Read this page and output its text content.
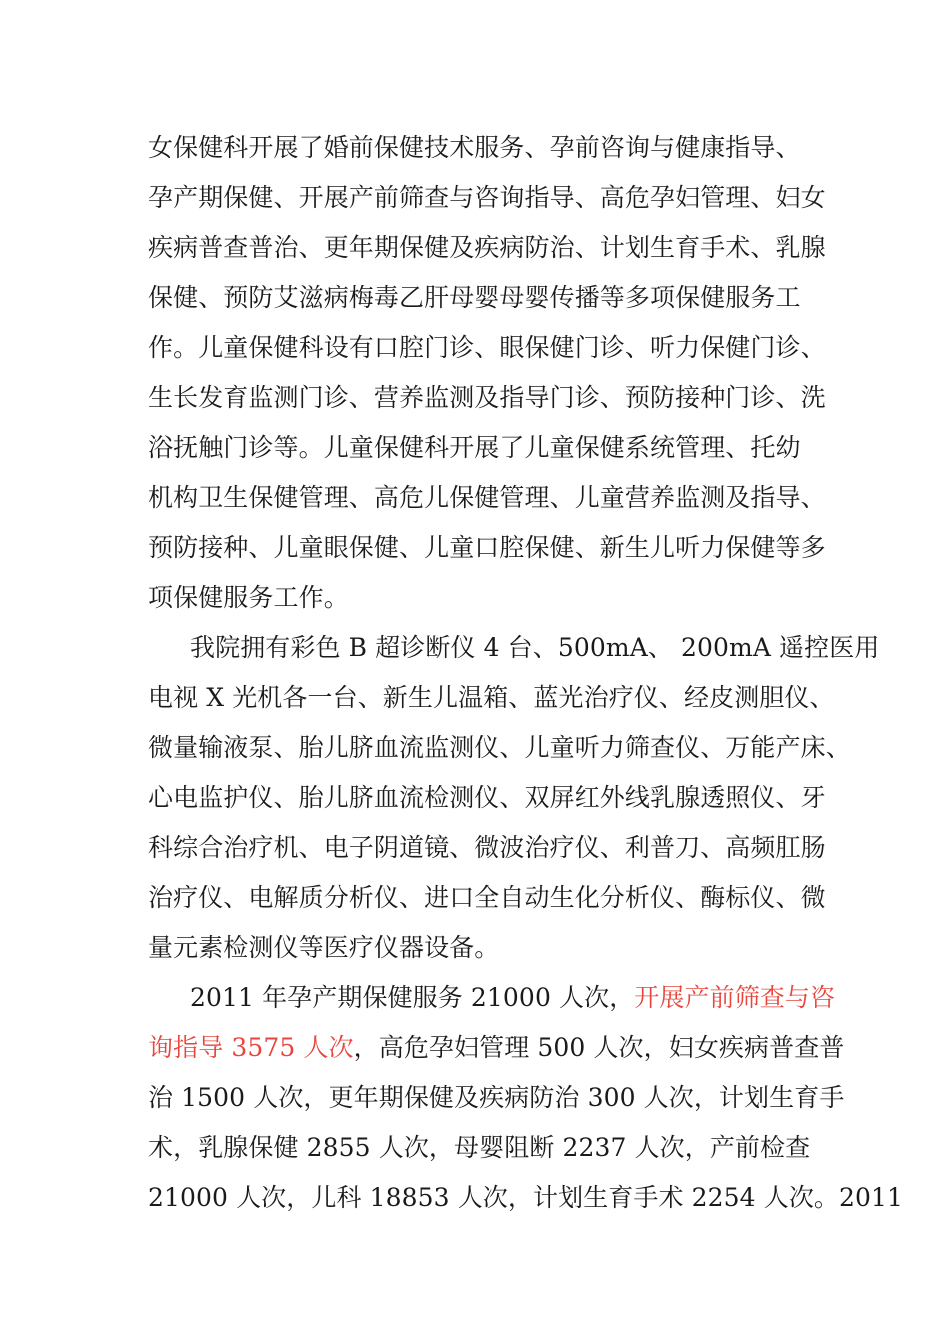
女保健科开展了婚前保健技术服务、孕前咨询与健康指导、
孕产期保健、开展产前筛查与咨询指导、高危孕妇管理、妇女
疾病普查普治、更年期保健及疾病防治、计划生育手术、乳腺
保健、预防艾滋病梅毒乙肝母婴母婴传播等多项保健服务工
作。儿童保健科设有口腔门诊、眼保健门诊、听力保健门诊、
生长发育监测门诊、营养监测及指导门诊、预防接种门诊、洗
浴抚触门诊等。儿童保健科开展了儿童保健系统管理、托幼
机构卫生保健管理、高危儿保健管理、儿童营养监测及指导、
预防接种、儿童眼保健、儿童口腔保健、新生儿听力保健等多
项保健服务工作。
我院拥有彩色 B 超诊断仪 4 台、500mA、 200mA 遥控医用
电视 X 光机各一台、新生儿温箱、蓝光治疗仪、经皮测胆仪、
微量输液泵、胎儿脐血流监测仪、儿童听力筛查仪、万能产床、
心电监护仪、胎儿脐血流检测仪、双屏红外线乳腺透照仪、牙
科综合治疗机、电子阴道镜、微波治疗仪、利普刀、高频肛肠
治疗仪、电解质分析仪、进口全自动生化分析仪、酶标仪、微
量元素检测仪等医疗仪器设备。
2011 年孕产期保健服务 21000 人次，开展产前筛查与咨
询指导 3575 人次，高危孕妇管理 500 人次，妇女疾病普查普
治 1500 人次，更年期保健及疾病防治 300 人次，计划生育手
术，乳腺保健 2855 人次，母婴阻断 2237 人次，产前检查
21000 人次，儿科 18853 人次，计划生育手术 2254 人次。2011
